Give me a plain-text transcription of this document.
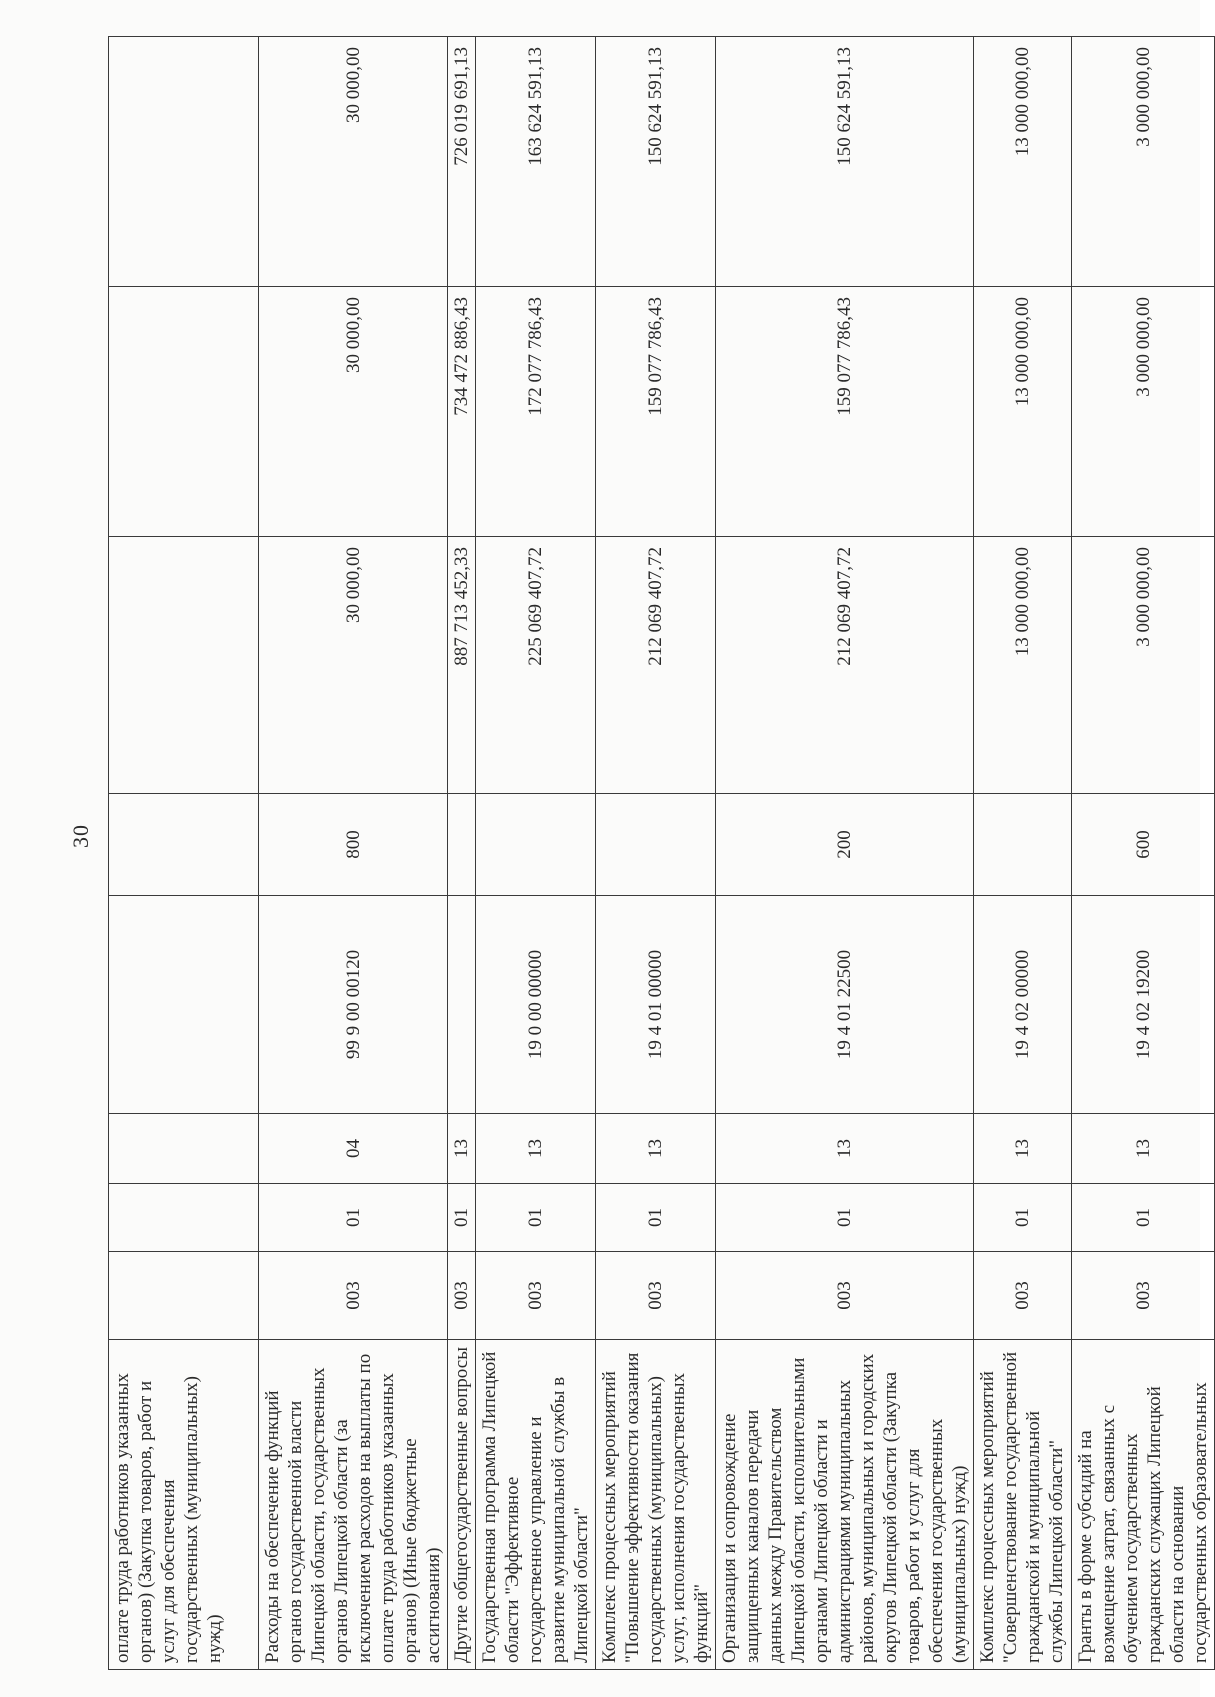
30
оплате труда работников указанных органов) (Закупка товаров, работ и услуг для обеспечения государственных (муниципальных) нужд)								
Расходы на обеспечение функций органов государственной власти Липецкой области, государственных органов Липецкой области (за исключением расходов на выплаты по оплате труда работников указанных органов) (Иные бюджетные ассигнования)	003	01	04	99 9 00 00120	800	30 000,00	30 000,00	30 000,00
Другие общегосударственные вопросы	003	01	13			887 713 452,33	734 472 886,43	726 019 691,13
Государственная программа Липецкой области "Эффективное государственное управление и развитие муниципальной службы в Липецкой области"	003	01	13	19 0 00 00000		225 069 407,72	172 077 786,43	163 624 591,13
Комплекс процессных мероприятий "Повышение эффективности оказания государственных (муниципальных) услуг, исполнения государственных функций"	003	01	13	19 4 01 00000		212 069 407,72	159 077 786,43	150 624 591,13
Организация и сопровождение защищенных каналов передачи данных между Правительством Липецкой области, исполнительными органами Липецкой области и администрациями муниципальных районов, муниципальных и городских округов Липецкой области (Закупка товаров, работ и услуг для обеспечения государственных (муниципальных) нужд)	003	01	13	19 4 01 22500	200	212 069 407,72	159 077 786,43	150 624 591,13
Комплекс процессных мероприятий "Совершенствование государственной гражданской и муниципальной службы Липецкой области"	003	01	13	19 4 02 00000		13 000 000,00	13 000 000,00	13 000 000,00
Гранты в форме субсидий на возмещение затрат, связанных с обучением государственных гражданских служащих Липецкой области на основании государственных образовательных	003	01	13	19 4 02 19200	600	3 000 000,00	3 000 000,00	3 000 000,00
